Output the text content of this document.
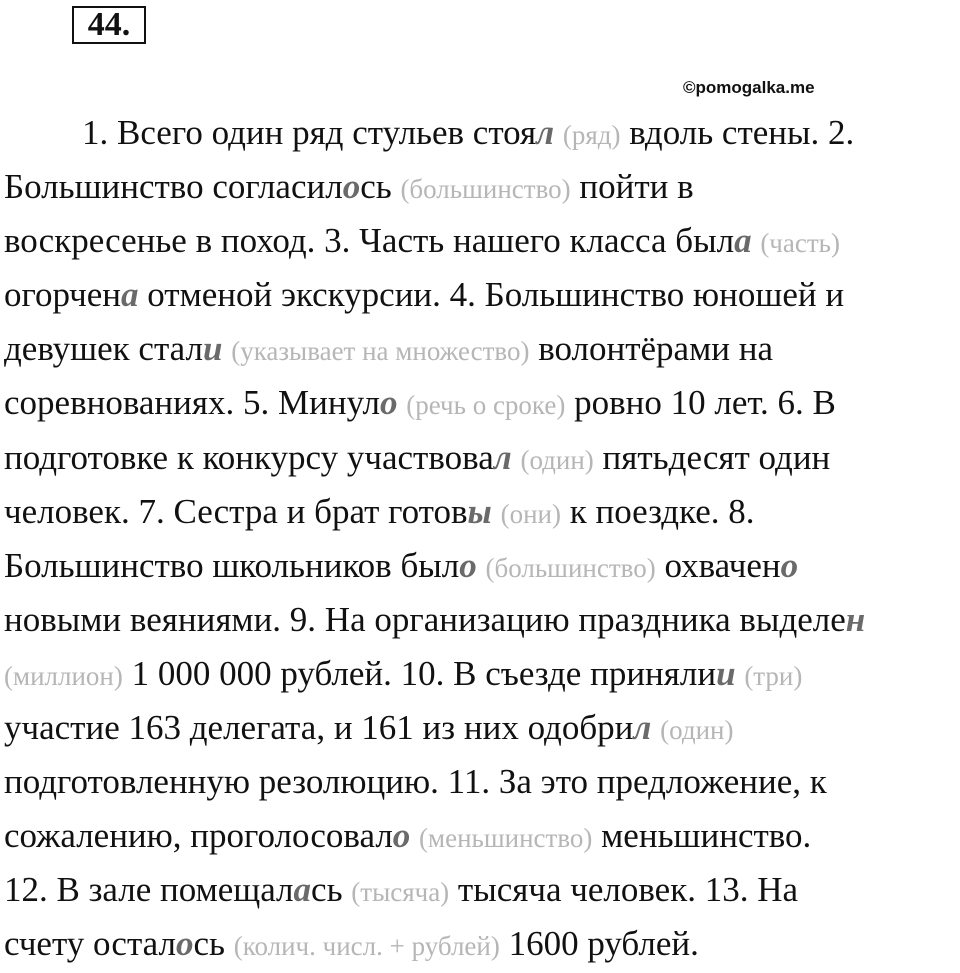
44.
©pomogalka.me
1. Всего один ряд стульев стоял (ряд) вдоль стены. 2.
Большинство согласилось (большинство) пойти в
воскресенье в поход. 3. Часть нашего класса была (часть)
огорчена отменой экскурсии. 4. Большинство юношей и
девушек стали (указывает на множество) волонтёрами на
соревнованиях. 5. Минуло (речь о сроке) ровно 10 лет. 6. В
подготовке к конкурсу участвовал (один) пятьдесят один
человек. 7. Сестра и брат готовы (они) к поездке. 8.
Большинство школьников было (большинство) охвачено
новыми веяниями. 9. На организацию праздника выделен
(миллион) 1 000 000 рублей. 10. В съезде принялии (три)
участие 163 делегата, и 161 из них одобрил (один)
подготовленную резолюцию. 11. За это предложение, к
сожалению, проголосовало (меньшинство) меньшинство.
12. В зале помещалась (тысяча) тысяча человек. 13. На
счету осталось (колич. числ. + рублей) 1600 рублей.
